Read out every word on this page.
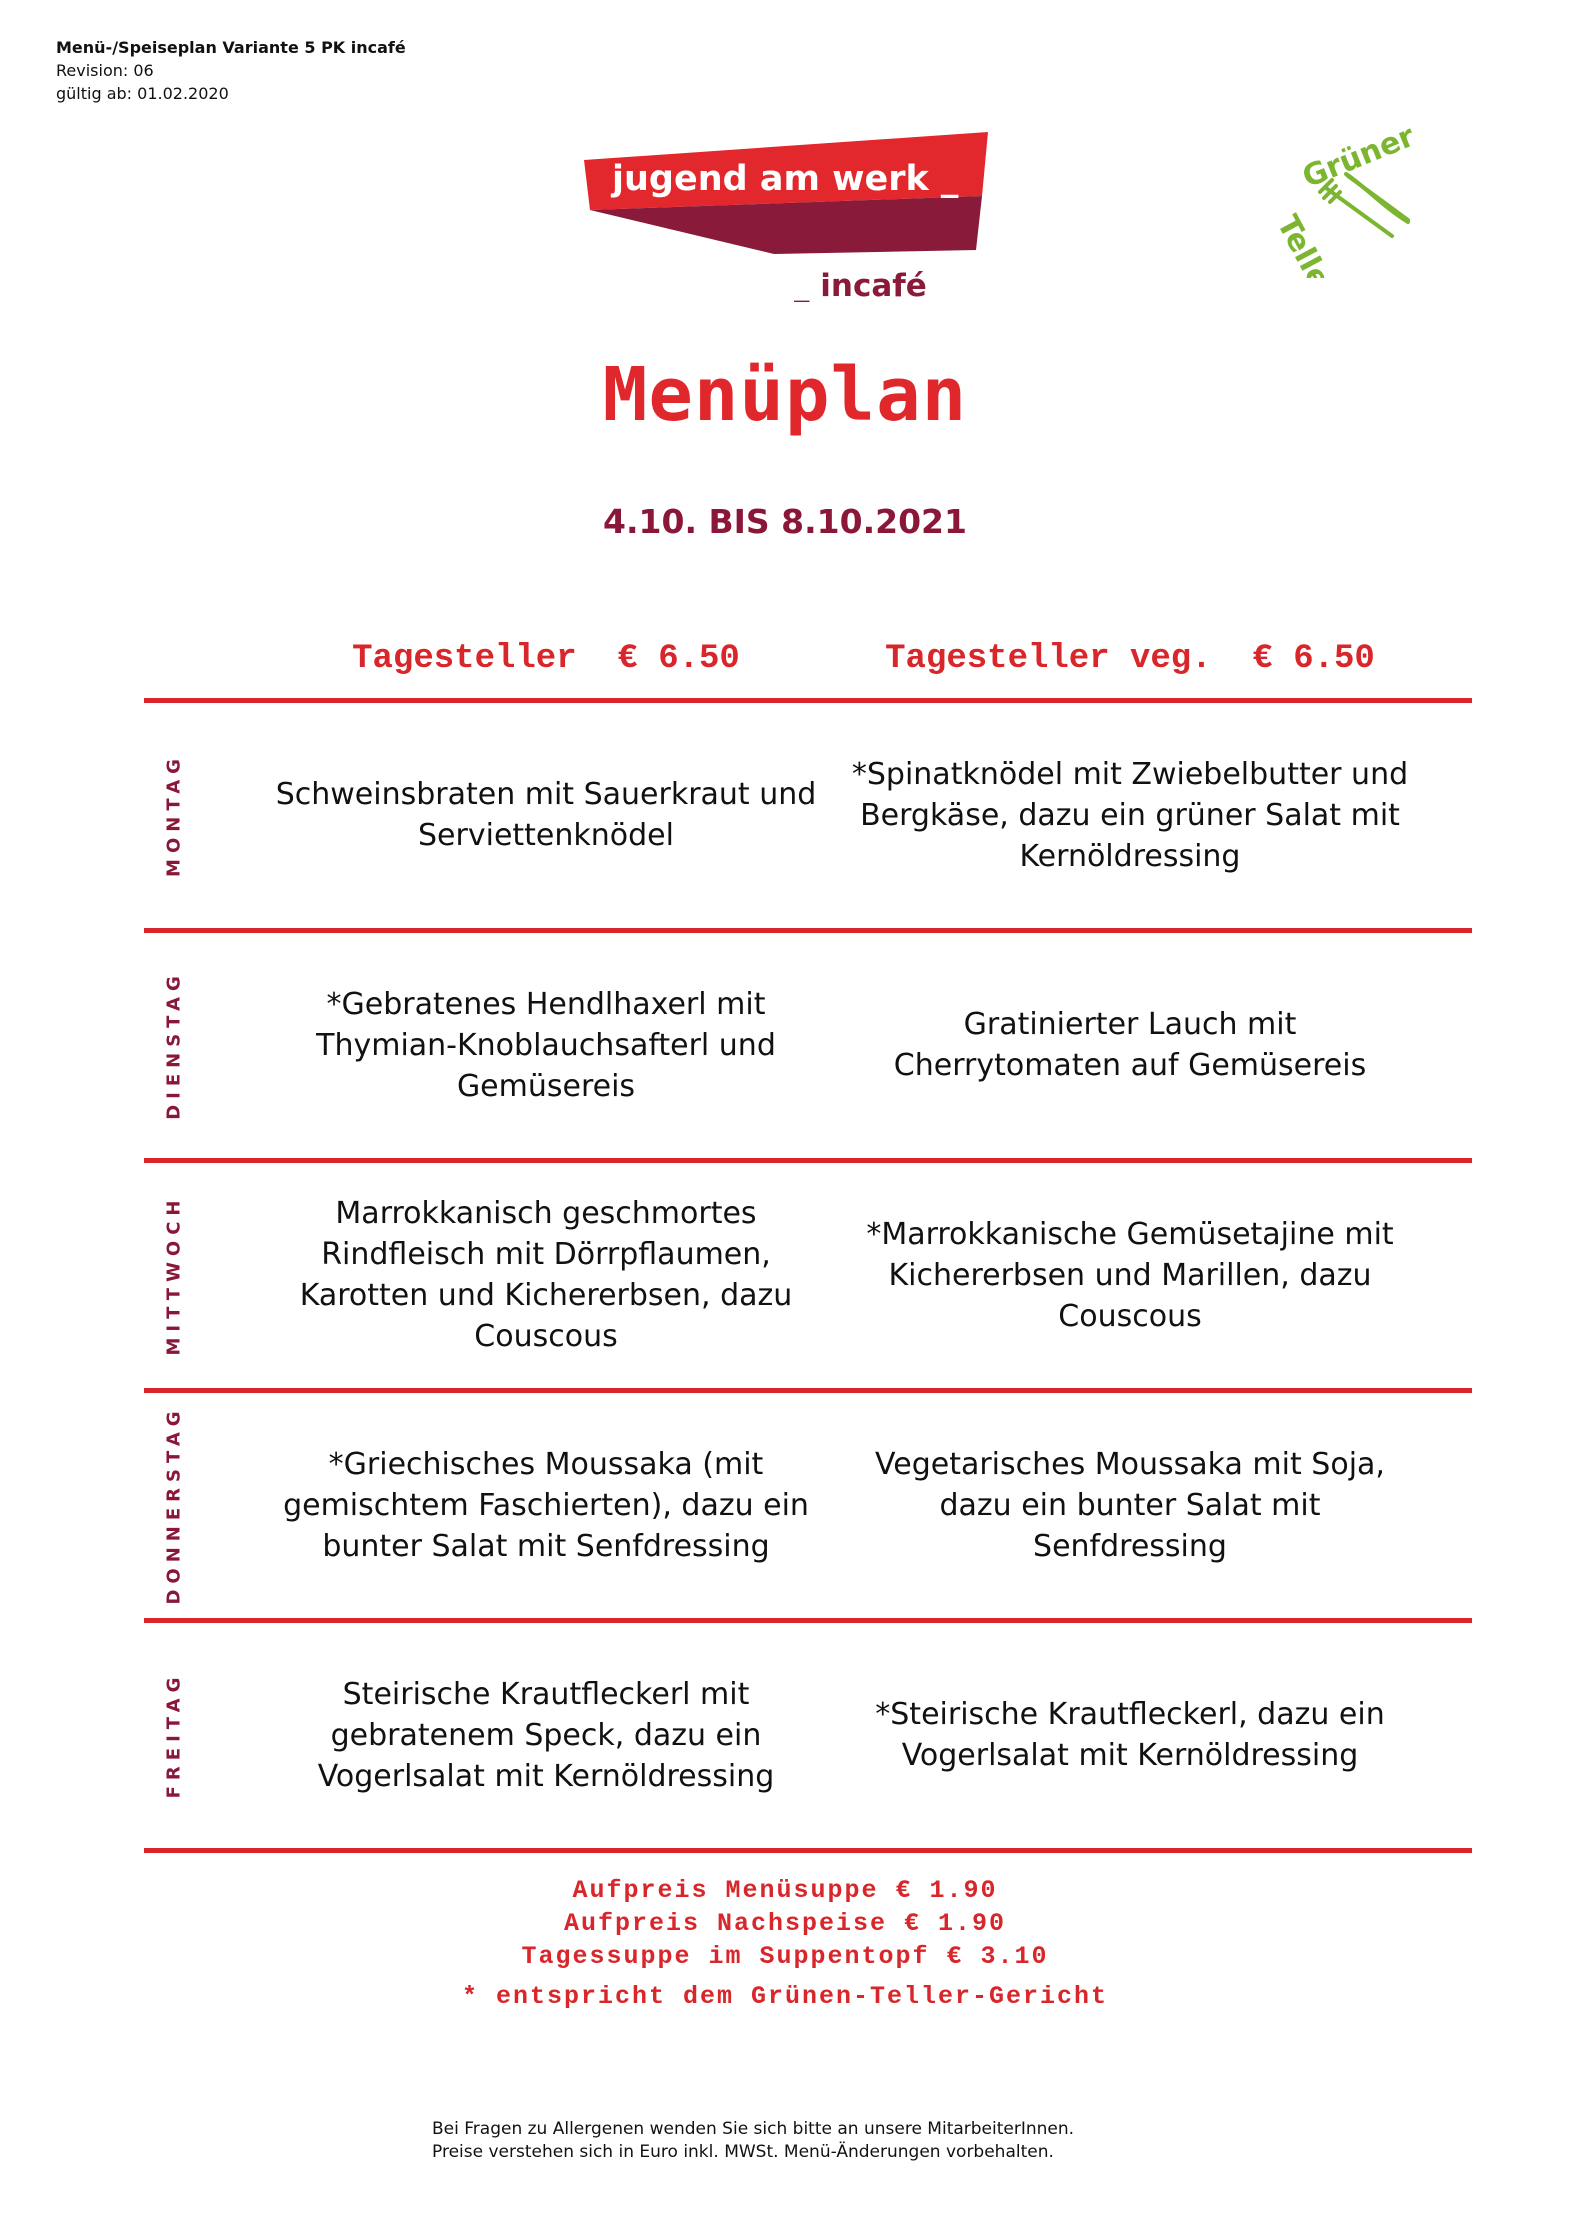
Menü-/Speiseplan Variante 5 PK incafé
Revision: 06
gültig ab: 01.02.2020
jugend am werk _
_ incafé
Grüner
Teller
Menüplan
4.10. BIS 8.10.2021
Tagesteller  € 6.50	Tagesteller veg.  € 6.50
MONTAG	Schweinsbraten mit Sauerkraut und Serviettenknödel
*Spinatknödel mit Zwiebelbutter und Bergkäse, dazu ein grüner Salat mit Kernöldressing
DIENSTAG	*Gebratenes Hendlhaxerl mit Thymian-Knoblauchsafterl und Gemüsereis
Gratinierter Lauch mit Cherrytomaten auf Gemüsereis
MITTWOCH	Marrokkanisch geschmortes Rindfleisch mit Dörrpflaumen, Karotten und Kichererbsen, dazu Couscous
*Marrokkanische Gemüsetajine mit Kichererbsen und Marillen, dazu Couscous
DONNERSTAG	*Griechisches Moussaka (mit gemischtem Faschierten), dazu ein bunter Salat mit Senfdressing
Vegetarisches Moussaka mit Soja, dazu ein bunter Salat mit Senfdressing
FREITAG	Steirische Krautfleckerl mit gebratenem Speck, dazu ein Vogerlsalat mit Kernöldressing
*Steirische Krautfleckerl, dazu ein Vogerlsalat mit Kernöldressing
Aufpreis Menüsuppe € 1.90
Aufpreis Nachspeise € 1.90
Tagessuppe im Suppentopf € 3.10
* entspricht dem Grünen-Teller-Gericht
Bei Fragen zu Allergenen wenden Sie sich bitte an unsere MitarbeiterInnen.
Preise verstehen sich in Euro inkl. MWSt. Menü-Änderungen vorbehalten.
